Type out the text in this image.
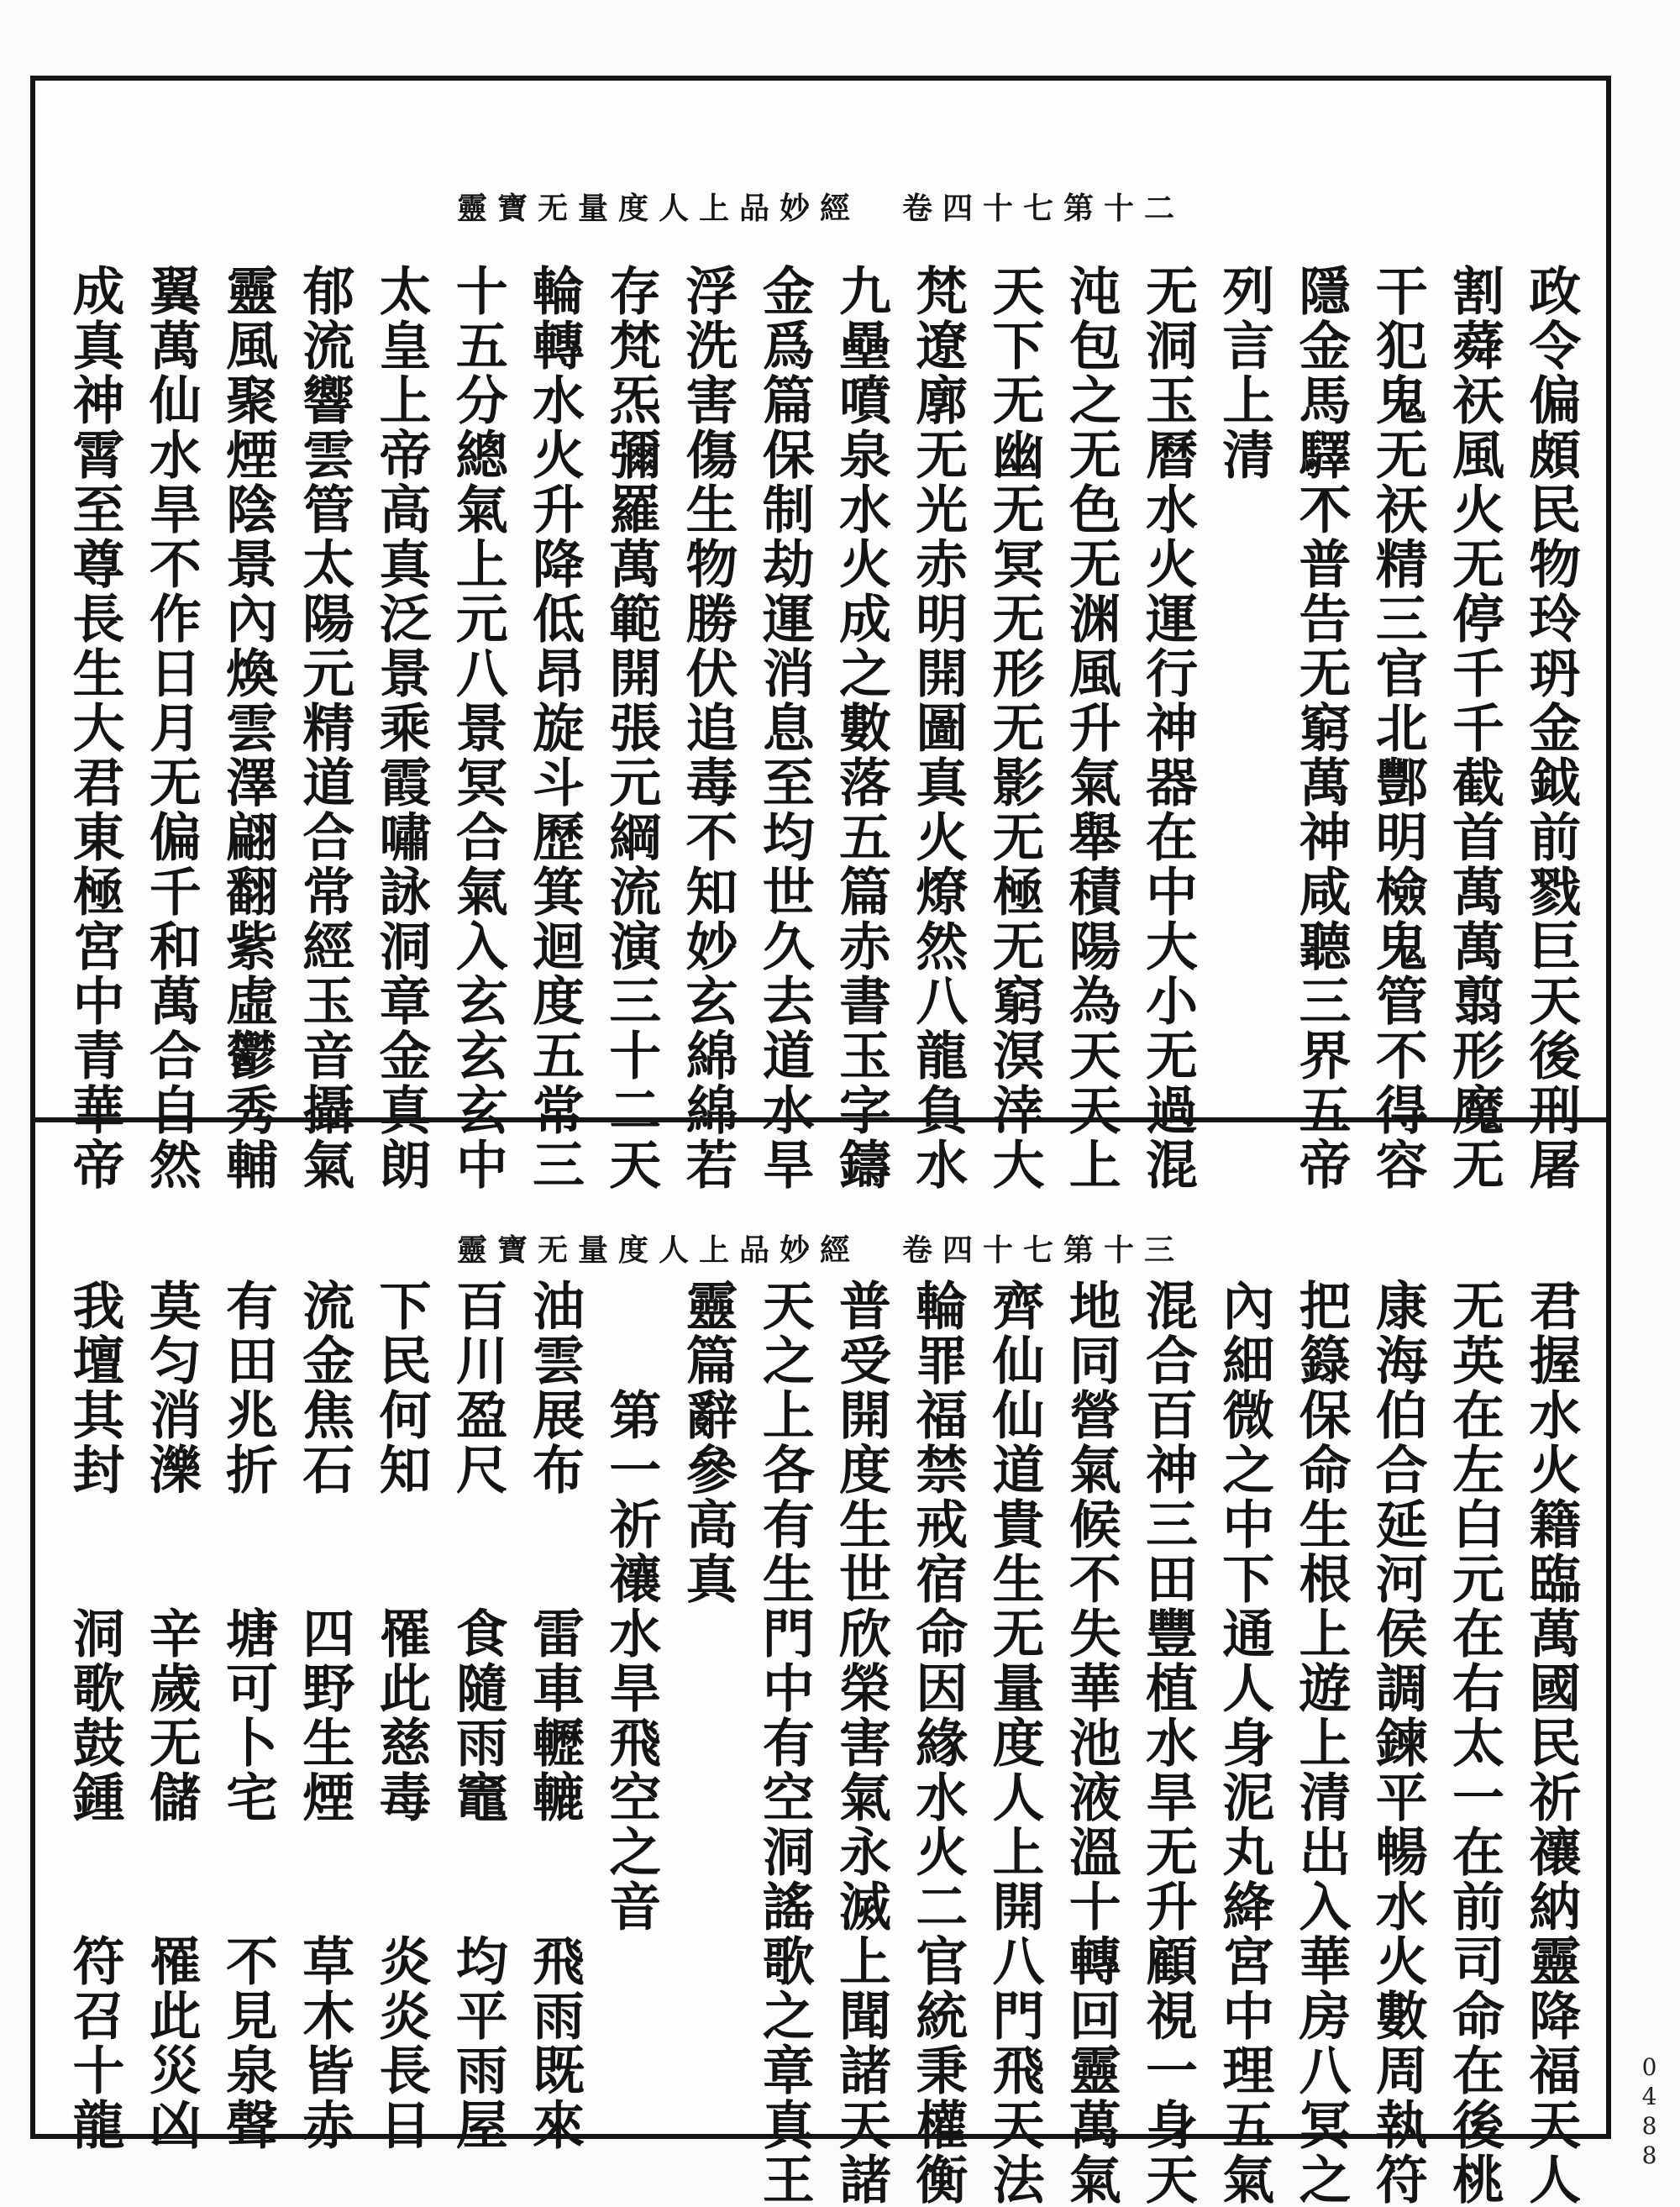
靈寶无量度人上品妙經 卷四十七第十二
政令偏頗民物玲玬金鉞前戮巨天後刑屠
割蕣祆風火无停千千截首萬萬翦形魔无
干犯鬼无祆精三官北酆明檢鬼管不得容
隱金馬驛𣎴普告无窮萬神咸聽三界五帝
列言上清
无洞玉曆水火運行神器在中大小无過混
沌包之无色无渊風升氣舉積陽為天天上
天下无幽无冥无形无影无極无窮溟涬大
梵遼廓无光赤明開圖真火燎然八龍負水
九壘噴泉水火成之數落五篇赤書玉字鑄
金爲篇保制劫運消息至均世久去道水旱
浮洗害傷生物勝伏追毒不知妙玄綿綿若
存梵炁彌羅萬範開張元綱流演三十二天
輪轉水火升降低昂旋斗歷箕迴度五常三
十五分總氣上元八景冥合氣入玄玄玄中
太皇上帝高真泛景乘霞嘯詠洞章金真朗
郁流響雲管太陽元精道合常經玉音攝氣
靈風聚煙陰景內煥雲澤翩翻紫虛鬱秀輔
翼萬仙水旱不作日月无偏千和萬合自然
成真神霄至尊長生大君東極宮中青華帝
靈寶无量度人上品妙經 卷四十七第十三
君握水火籍臨萬國民祈禳納靈降福天人
无英在左白元在右太一在前司命在後桃
康海伯合延河侯調鍊平暢水火數周執符
把籙保命生根上遊上清出入華房八冥之
內細微之中下通人身泥丸絳宮中理五氣
混合百神三田豐植水旱无升顧視一身天
地同營氣候不失華池液溫十轉回靈萬氣
齊仙仙道貴生无量度人上開八門飛天法
輪罪福禁戒宿命因緣水火二官統秉權衡
普受開度生世欣榮害氣永滅上聞諸天諸
天之上各有生門中有空洞謠歌之章真王
靈篇辭參高真
　　第一祈禳水旱飛空之音
油雲展布　　雷車轣轆　　飛雨既來
百川盈尺　　食隨雨竈　　均平雨屋
下民何知　　罹此慈毒　　炎炎長日
流金焦石　　四野生煙　　草木皆赤
有田兆折　　塘可卜宅　　不見泉聲
莫匀消濼　　辛歲无儲　　罹此災凶
我壇其封　　洞歌鼓鍾　　符召十龍	0488
